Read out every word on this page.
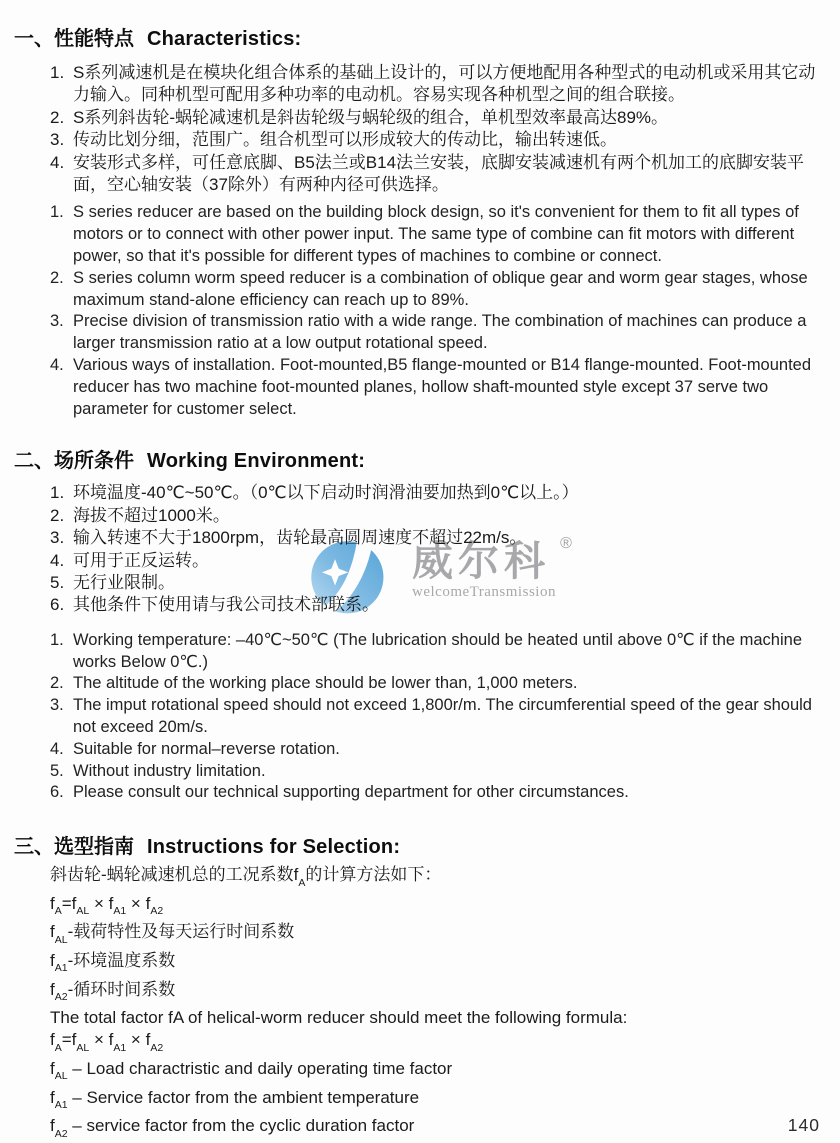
威尔科 ®
welcomeTransmission
一、性能特点 Characteristics:
1. S系列减速机是在模块化组合体系的基础上设计的，可以方便地配用各种型式的电动机或采用其它动力输入。同种机型可配用多种功率的电动机。容易实现各种机型之间的组合联接。
2. S系列斜齿轮-蜗轮减速机是斜齿轮级与蜗轮级的组合，单机型效率最高达89%。
3. 传动比划分细，范围广。组合机型可以形成较大的传动比，输出转速低。
4. 安装形式多样，可任意底脚、B5法兰或B14法兰安装，底脚安装减速机有两个机加工的底脚安装平面，空心轴安装（37除外）有两种内径可供选择。
1. S series reducer are based on the building block design, so it's convenient for them to fit all types of motors or to connect with other power input. The same type of combine can fit motors with different power, so that it's possible for different types of machines to combine or connect.
2. S series column worm speed reducer is a combination of oblique gear and worm gear stages, whose maximum stand-alone efficiency can reach up to 89%.
3. Precise division of transmission ratio with a wide range. The combination of machines can produce a larger transmission ratio at a low output rotational speed.
4. Various ways of installation. Foot-mounted,B5 flange-mounted or B14 flange-mounted. Foot-mounted reducer has two machine foot-mounted planes, hollow shaft-mounted style except 37 serve two parameter for customer select.
二、场所条件 Working Environment:
1. 环境温度-40℃~50℃。（0℃以下启动时润滑油要加热到0℃以上。）
2. 海拔不超过1000米。
3. 输入转速不大于1800rpm，齿轮最高圆周速度不超过22m/s。
4. 可用于正反运转。
5. 无行业限制。
6. 其他条件下使用请与我公司技术部联系。
1. Working temperature: –40℃~50℃ (The lubrication should be heated until above 0℃ if the machine works Below 0℃.)
2. The altitude of the working place should be lower than, 1,000 meters.
3. The imput rotational speed should not exceed 1,800r/m. The circumferential speed of the gear should not exceed 20m/s.
4. Suitable for normal–reverse rotation.
5. Without industry limitation.
6. Please consult our technical supporting department for other circumstances.
三、选型指南 Instructions for Selection:
斜齿轮-蜗轮减速机总的工况系数$f_A$的计算方法如下：
$f_A=f_{AL} \times f_{A1} \times f_{A2}$
$f_{AL}-$载荷特性及每天运行时间系数
$f_{A1}-$环境温度系数
$f_{A2}-$循环时间系数
The total factor fA of helical-worm reducer should meet the following formula:
$f_A=f_{AL} \times f_{A1} \times f_{A2}$
$f_{AL}$ – Load charactristic and daily operating time factor
$f_{A1}$ – Service factor from the ambient temperature
$f_{A2}$ – service factor from the cyclic duration factor	140
